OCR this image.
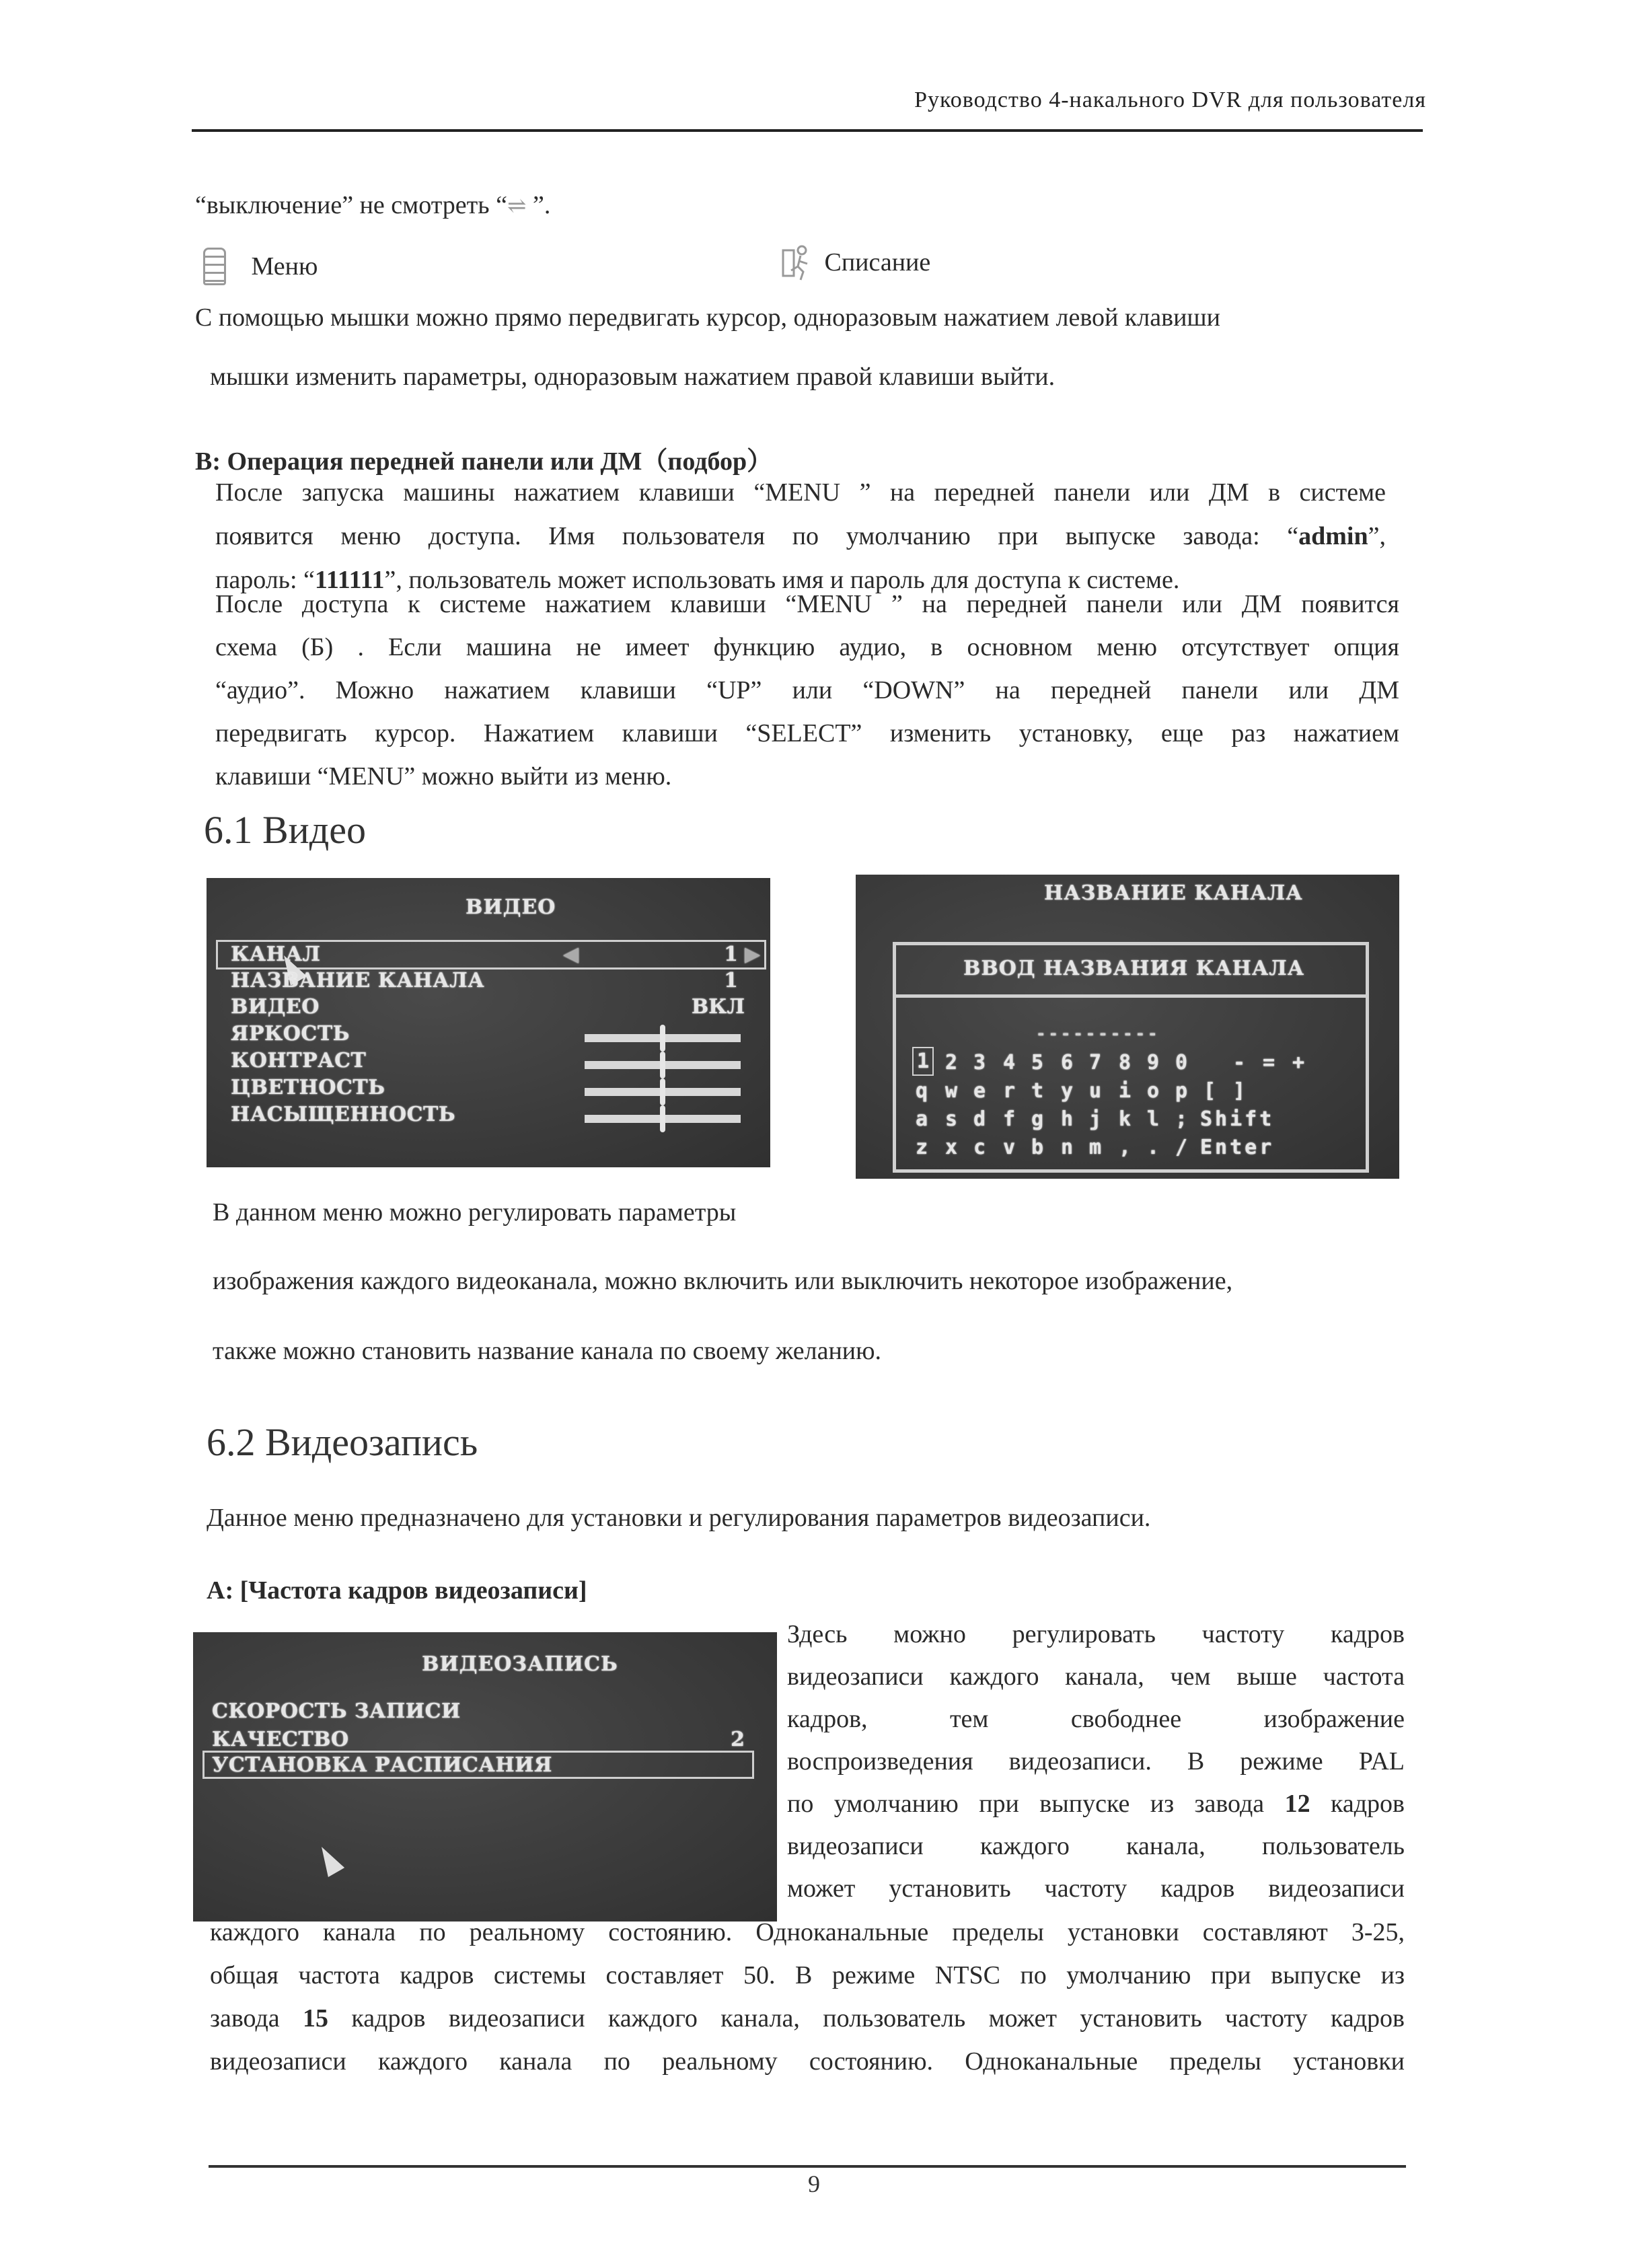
Руководство 4-накального DVR для пользователя
“выключение” не смотреть “⇌ ”.
Меню	Списание
С помощью мышки можно прямо передвигать курсор, одноразовым нажатием левой клавиши
мышки изменить параметры, одноразовым нажатием правой клавиши выйти.
B: Операция передней панели или ДМ（подбор）
После запуска машины нажатием клавиши “MENU ” на передней панели или ДМ в системе
появится меню доступа. Имя пользователя по умолчанию при выпуске завода: “admin”,
пароль: “111111”, пользователь может использовать имя и пароль для доступа к системе.
После доступа к системе нажатием клавиши “MENU ” на передней панели или ДМ появится
схема (Б) . Если машина не имеет функцию аудио, в основном меню отсутствует опция
“аудио”. Можно нажатием клавиши “UP” или “DOWN” на передней панели или ДМ
передвигать курсор. Нажатием клавиши “SELECT” изменить установку, еще раз нажатием
клавиши “MENU” можно выйти из меню.
6.1 Видео
ВИДЕО
КАНАЛ	◀	1 ▶
НАЗВАНИЕ КАНАЛА	1
ВИДЕО	ВКЛ
ЯРКОСТЬ
КОНТРАСТ
ЦВЕТНОСТЬ
НАСЫЩЕННОСТЬ
НАЗВАНИЕ КАНАЛА
ВВОД НАЗВАНИЯ КАНАЛА
----------
1 2 3 4 5 6 7 8 9 0 - = +
q w e r t y u i o p [ ]
a s d f g h j k l ; Shift
z x c v b n m , . / Enter
В данном меню можно регулировать параметры
изображения каждого видеоканала, можно включить или выключить некоторое изображение,
также можно становить название канала по своему желанию.
6.2 Видеозапись
Данное меню предназначено для установки и регулирования параметров видеозаписи.
A: [Частота кадров видеозаписи]
ВИДЕОЗАПИСЬ
СКОРОСТЬ ЗАПИСИ
КАЧЕСТВО	2
УСТАНОВКА РАСПИСАНИЯ
Здесь можно регулировать частоту кадров
видеозаписи каждого канала, чем выше частота
кадров, тем свободнее изображение
воспроизведения видеозаписи. В режиме PAL
по умолчанию при выпуске из завода 12 кадров
видеозаписи каждого канала, пользователь
может установить частоту кадров видеозаписи
каждого канала по реальному состоянию. Одноканальные пределы установки составляют 3-25,
общая частота кадров системы составляет 50. В режиме NTSC по умолчанию при выпуске из
завода 15 кадров видеозаписи каждого канала, пользователь может установить частоту кадров
видеозаписи каждого канала по реальному состоянию. Одноканальные пределы установки
9
